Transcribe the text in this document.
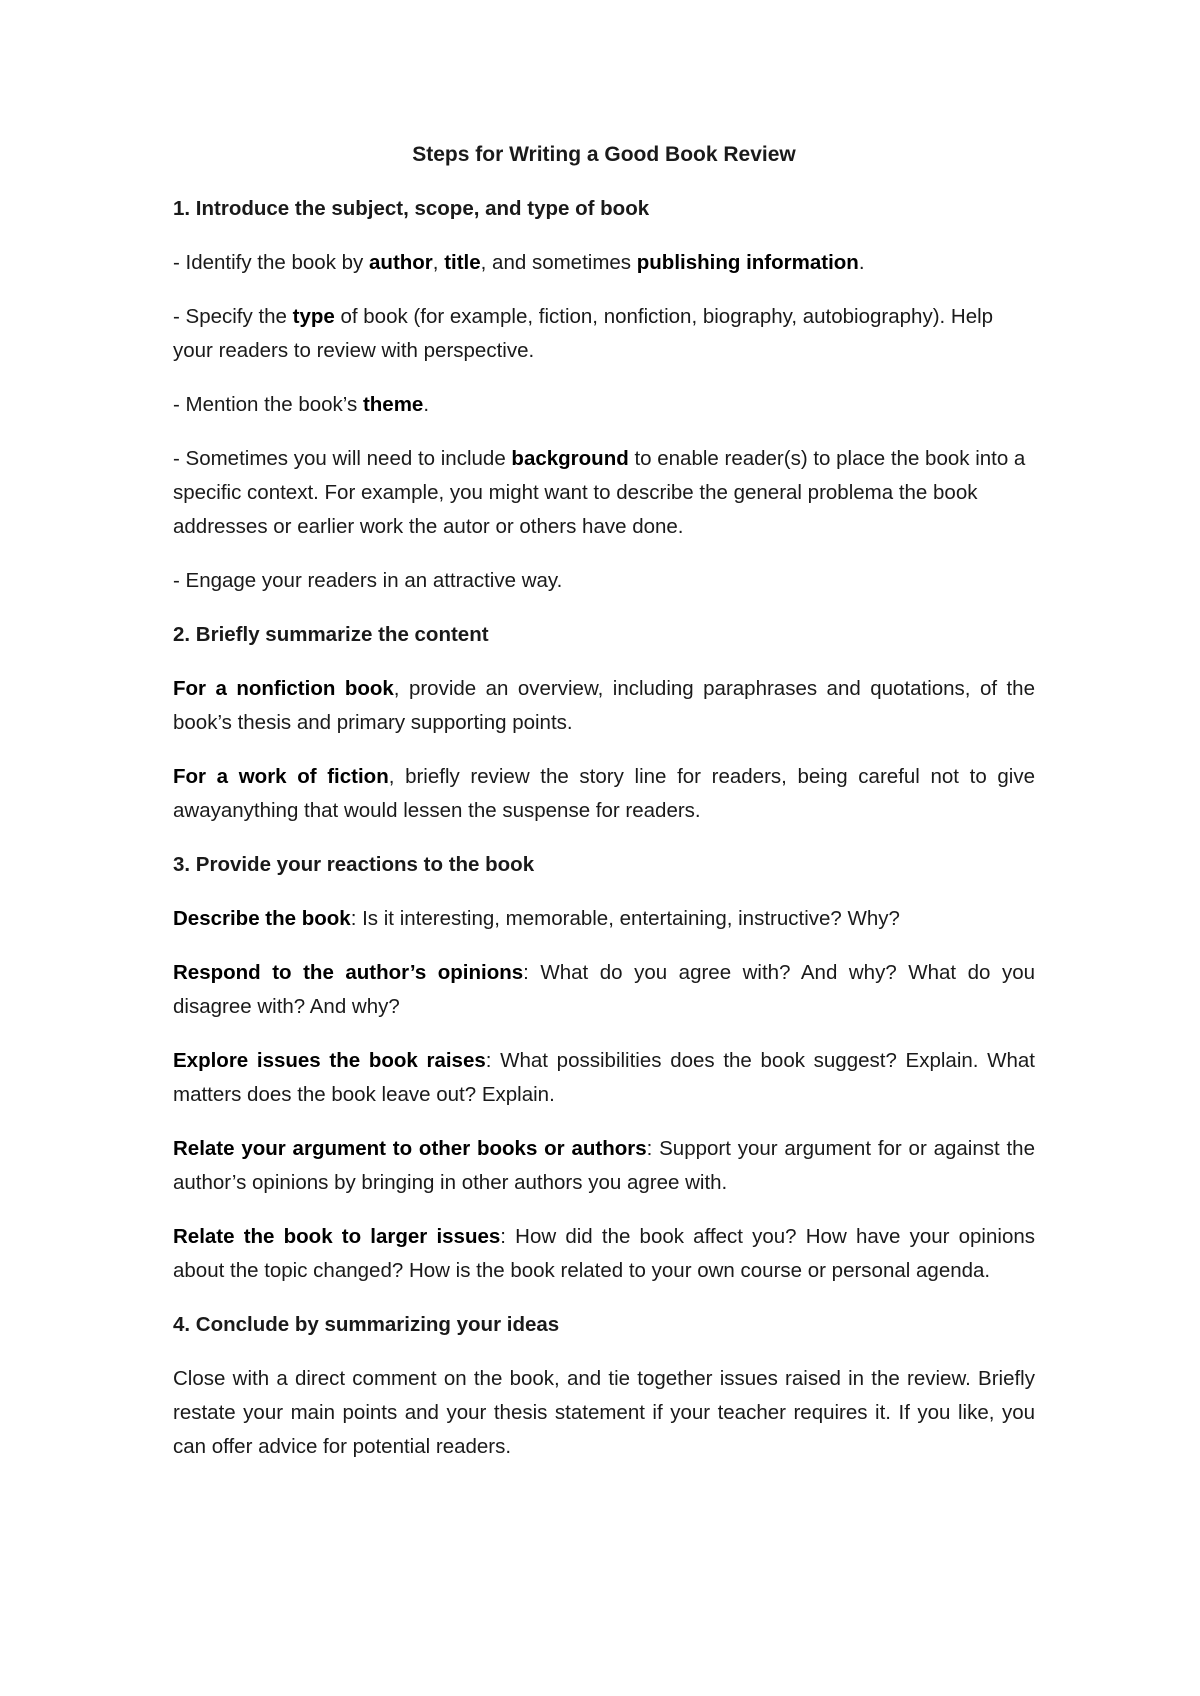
Steps for Writing a Good Book Review
1. Introduce the subject, scope, and type of book

- Identify the book by author, title, and sometimes publishing information.

- Specify the type of book (for example, fiction, nonfiction, biography, autobiography). Help your readers to review with perspective.

- Mention the book’s theme.

- Sometimes you will need to include background to enable reader(s) to place the book into a specific context. For example, you might want to describe the general problema the book addresses or earlier work the autor or others have done.

- Engage your readers in an attractive way.

2. Briefly summarize the content

For a nonfiction book, provide an overview, including paraphrases and quotations, of the book’s thesis and primary supporting points.

For a work of fiction, briefly review the story line for readers, being careful not to give awayanything that would lessen the suspense for readers.

3. Provide your reactions to the book

Describe the book: Is it interesting, memorable, entertaining, instructive? Why?

Respond to the author’s opinions: What do you agree with? And why? What do you disagree with? And why?

Explore issues the book raises: What possibilities does the book suggest? Explain. What matters does the book leave out? Explain.

Relate your argument to other books or authors: Support your argument for or against the author’s opinions by bringing in other authors you agree with.

Relate the book to larger issues: How did the book affect you? How have your opinions about the topic changed? How is the book related to your own course or personal agenda.

4. Conclude by summarizing your ideas

Close with a direct comment on the book, and tie together issues raised in the review. Briefly restate your main points and your thesis statement if your teacher requires it. If you like, you can offer advice for potential readers.
